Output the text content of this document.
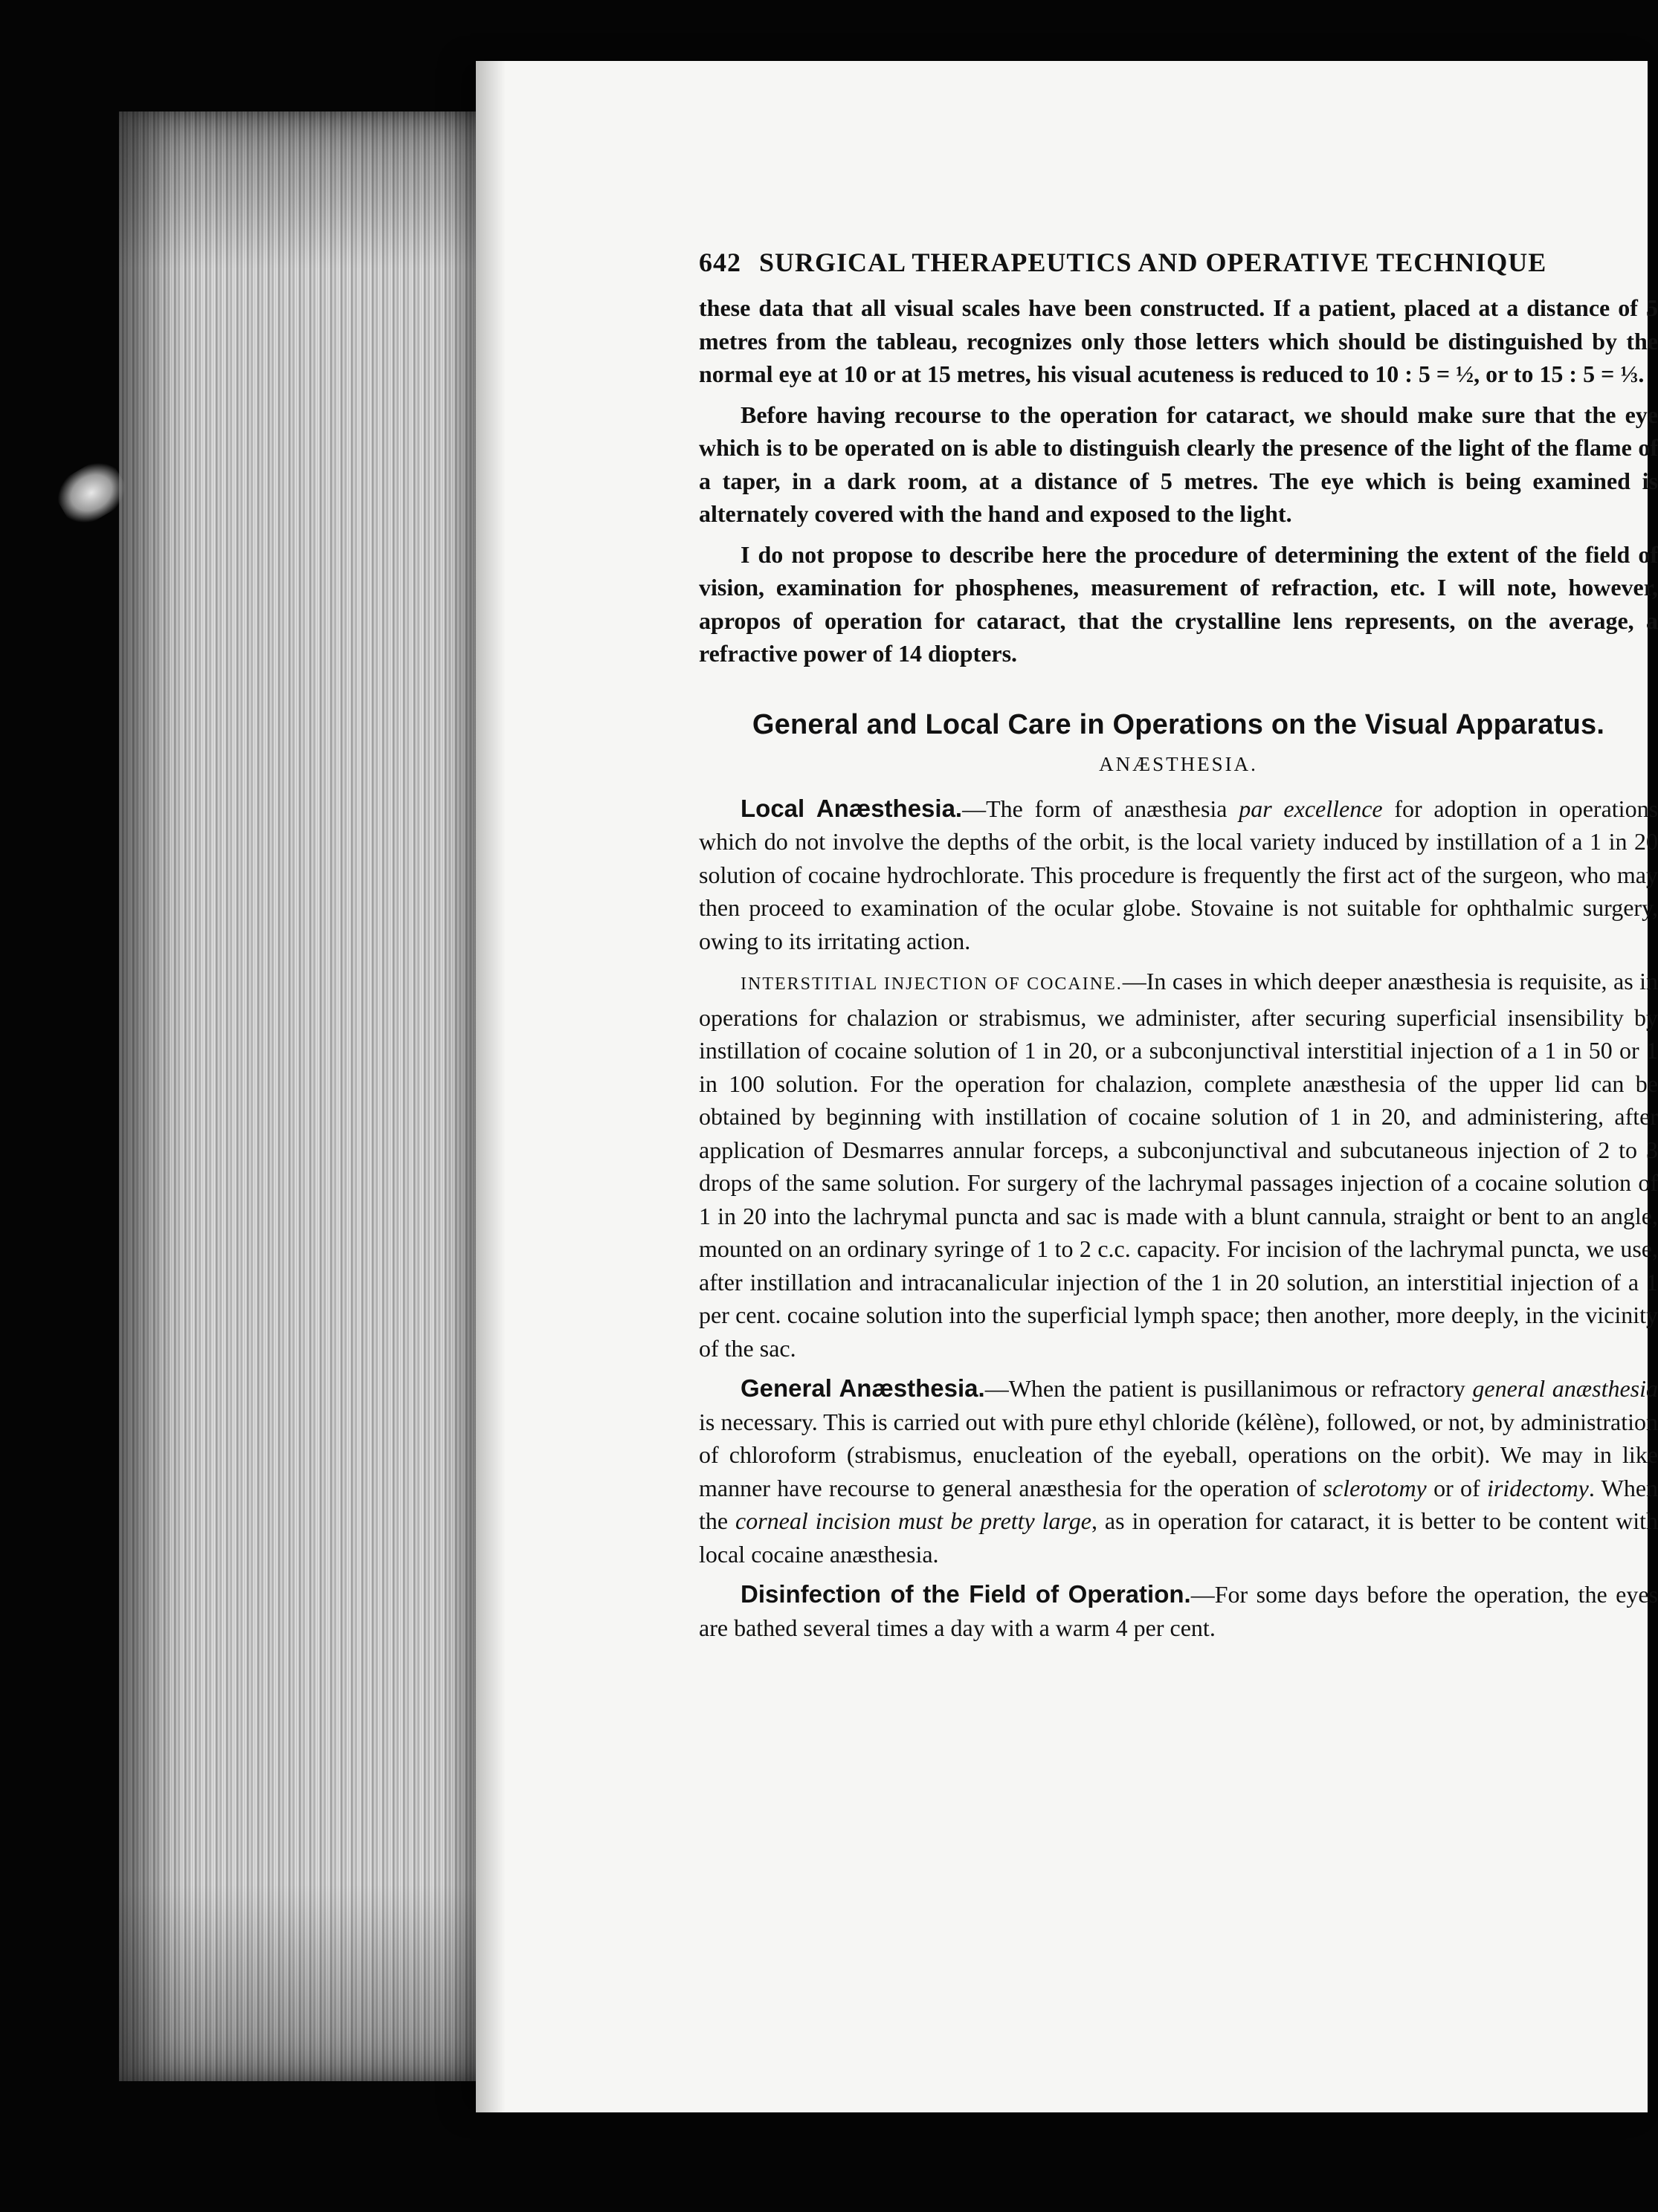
642 SURGICAL THERAPEUTICS AND OPERATIVE TECHNIQUE

these data that all visual scales have been constructed. If a patient, placed at a distance of 5 metres from the tableau, recognizes only those letters which should be distinguished by the normal eye at 10 or at 15 metres, his visual acuteness is reduced to 10 : 5 = ½, or to 15 : 5 = ⅓.

Before having recourse to the operation for cataract, we should make sure that the eye which is to be operated on is able to distinguish clearly the presence of the light of the flame of a taper, in a dark room, at a distance of 5 metres. The eye which is being examined is alternately covered with the hand and exposed to the light.

I do not propose to describe here the procedure of determining the extent of the field of vision, examination for phosphenes, measurement of refraction, etc. I will note, however, apropos of operation for cataract, that the crystalline lens represents, on the average, a refractive power of 14 diopters.

General and Local Care in Operations on the Visual Apparatus.
ANÆSTHESIA.

Local Anæsthesia.—The form of anæsthesia par excellence for adoption in operations which do not involve the depths of the orbit, is the local variety induced by instillation of a 1 in 20 solution of cocaine hydrochlorate. This procedure is frequently the first act of the surgeon, who may then proceed to examination of the ocular globe. Stovaine is not suitable for ophthalmic surgery, owing to its irritating action.

INTERSTITIAL INJECTION OF COCAINE.—In cases in which deeper anæsthesia is requisite, as in operations for chalazion or strabismus, we administer, after securing superficial insensibility by instillation of cocaine solution of 1 in 20, or a subconjunctival interstitial injection of a 1 in 50 or 1 in 100 solution. For the operation for chalazion, complete anæsthesia of the upper lid can be obtained by beginning with instillation of cocaine solution of 1 in 20, and administering, after application of Desmarres annular forceps, a subconjunctival and subcutaneous injection of 2 to 3 drops of the same solution. For surgery of the lachrymal passages injection of a cocaine solution of 1 in 20 into the lachrymal puncta and sac is made with a blunt cannula, straight or bent to an angle, mounted on an ordinary syringe of 1 to 2 c.c. capacity. For incision of the lachrymal puncta, we use, after instillation and intracanalicular injection of the 1 in 20 solution, an interstitial injection of a 1 per cent. cocaine solution into the superficial lymph space; then another, more deeply, in the vicinity of the sac.

General Anæsthesia.—When the patient is pusillanimous or refractory general anæsthesia is necessary. This is carried out with pure ethyl chloride (kélène), followed, or not, by administration of chloroform (strabismus, enucleation of the eyeball, operations on the orbit). We may in like manner have recourse to general anæsthesia for the operation of sclerotomy or of iridectomy. When the corneal incision must be pretty large, as in operation for cataract, it is better to be content with local cocaine anæsthesia.

Disinfection of the Field of Operation.—For some days before the operation, the eyes are bathed several times a day with a warm 4 per cent.
